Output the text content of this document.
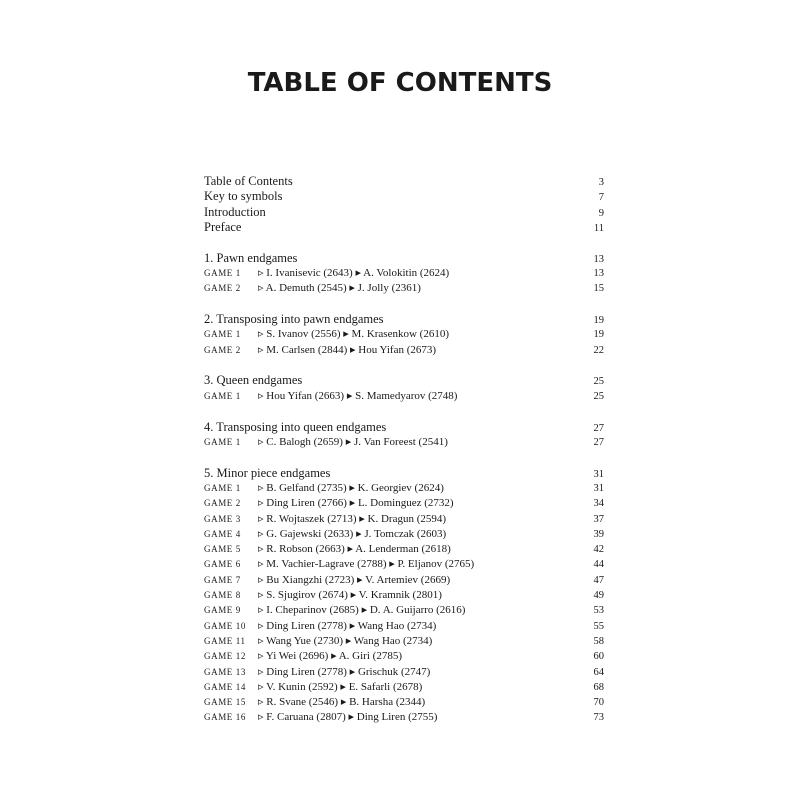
TABLE OF CONTENTS
Table of Contents	3
Key to symbols	7
Introduction	9
Preface	11
1. Pawn endgames	13
GAME 1	▹ I. Ivanisevic (2643) ▸ A. Volokitin (2624)	13
GAME 2	▹ A. Demuth (2545) ▸ J. Jolly (2361)	15
2. Transposing into pawn endgames	19
GAME 1	▹ S. Ivanov (2556) ▸ M. Krasenkow (2610)	19
GAME 2	▹ M. Carlsen (2844) ▸ Hou Yifan (2673)	22
3. Queen endgames	25
GAME 1	▹ Hou Yifan (2663) ▸ S. Mamedyarov (2748)	25
4. Transposing into queen endgames	27
GAME 1	▹ C. Balogh (2659) ▸ J. Van Foreest (2541)	27
5. Minor piece endgames	31
GAME 1	▹ B. Gelfand (2735) ▸ K. Georgiev (2624)	31
GAME 2	▹ Ding Liren (2766) ▸ L. Dominguez (2732)	34
GAME 3	▹ R. Wojtaszek (2713) ▸ K. Dragun (2594)	37
GAME 4	▹ G. Gajewski (2633) ▸ J. Tomczak (2603)	39
GAME 5	▹ R. Robson (2663) ▸ A. Lenderman (2618)	42
GAME 6	▹ M. Vachier-Lagrave (2788) ▸ P. Eljanov (2765)	44
GAME 7	▹ Bu Xiangzhi (2723) ▸ V. Artemiev (2669)	47
GAME 8	▹ S. Sjugirov (2674) ▸ V. Kramnik (2801)	49
GAME 9	▹ I. Cheparinov (2685) ▸ D. A. Guijarro (2616)	53
GAME 10	▹ Ding Liren (2778) ▸ Wang Hao (2734)	55
GAME 11	▹ Wang Yue (2730) ▸ Wang Hao (2734)	58
GAME 12	▹ Yi Wei (2696) ▸ A. Giri (2785)	60
GAME 13	▹ Ding Liren (2778) ▸ Grischuk (2747)	64
GAME 14	▹ V. Kunin (2592) ▸ E. Safarli (2678)	68
GAME 15	▹ R. Svane (2546) ▸ B. Harsha (2344)	70
GAME 16	▹ F. Caruana (2807) ▸ Ding Liren (2755)	73
